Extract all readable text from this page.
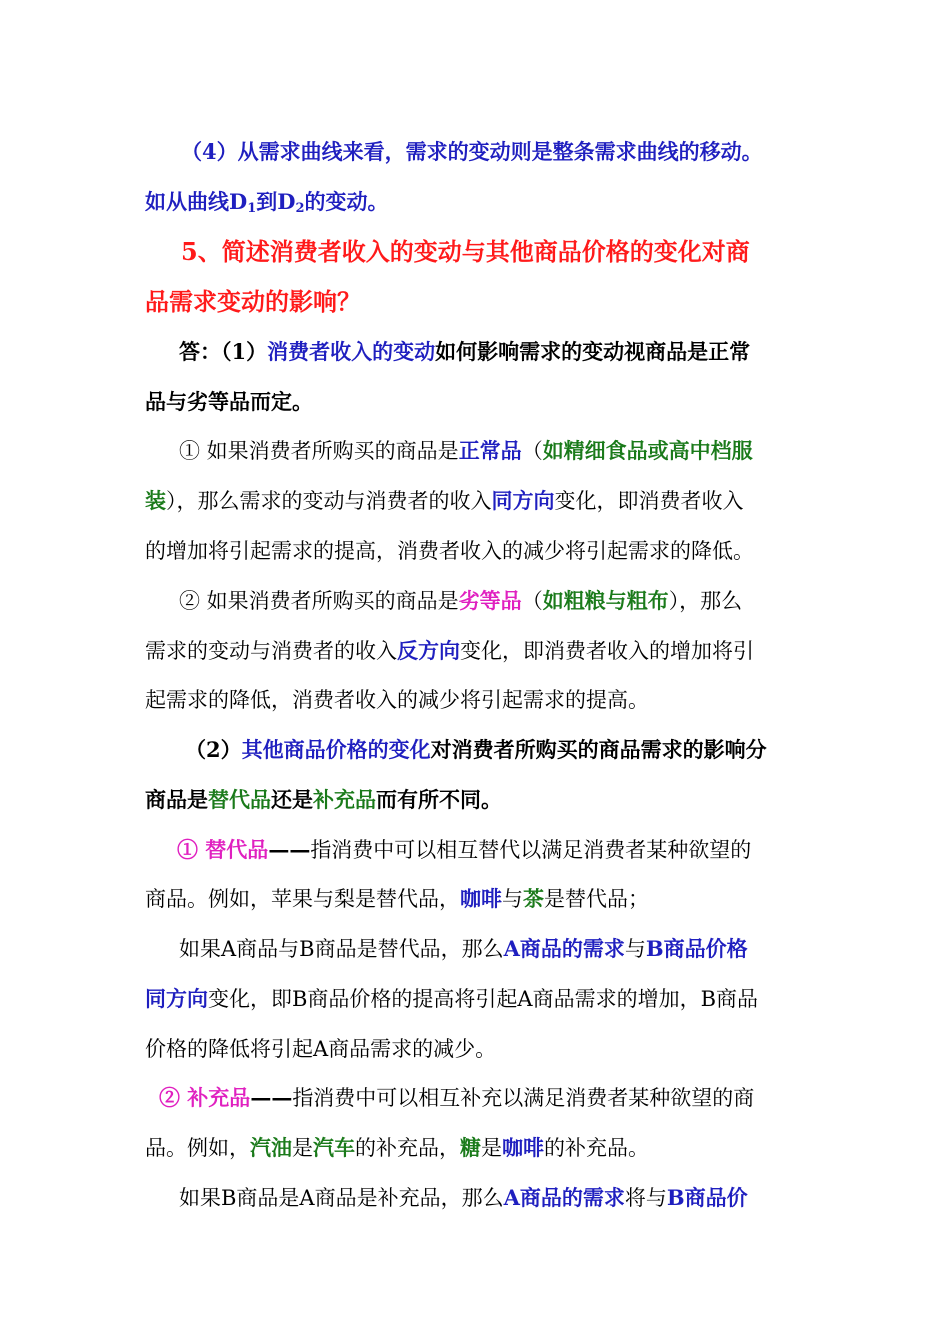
（4）从需求曲线来看，需求的变动则是整条需求曲线的移动。

如从曲线$D_1$到$D_2$的变动。

5、简述消费者收入的变动与其他商品价格的变化对商

品需求变动的影响？

答：（1）消费者收入的变动如何影响需求的变动视商品是正常

品与劣等品而定。

① 如果消费者所购买的商品是正常品（如精细食品或高中档服

装），那么需求的变动与消费者的收入同方向变化，即消费者收入

的增加将引起需求的提高，消费者收入的减少将引起需求的降低。

② 如果消费者所购买的商品是劣等品（如粗粮与粗布），那么

需求的变动与消费者的收入反方向变化，即消费者收入的增加将引

起需求的降低，消费者收入的减少将引起需求的提高。

（2）其他商品价格的变化对消费者所购买的商品需求的影响分

商品是替代品还是补充品而有所不同。

① 替代品——指消费中可以相互替代以满足消费者某种欲望的

商品。例如，苹果与梨是替代品，咖啡与茶是替代品；

如果A商品与B商品是替代品，那么A商品的需求与B商品价格

同方向变化，即B商品价格的提高将引起A商品需求的增加，B商品

价格的降低将引起A商品需求的减少。

② 补充品——指消费中可以相互补充以满足消费者某种欲望的商

品。例如，汽油是汽车的补充品，糖是咖啡的补充品。

如果B商品是A商品是补充品，那么A商品的需求将与B商品价
